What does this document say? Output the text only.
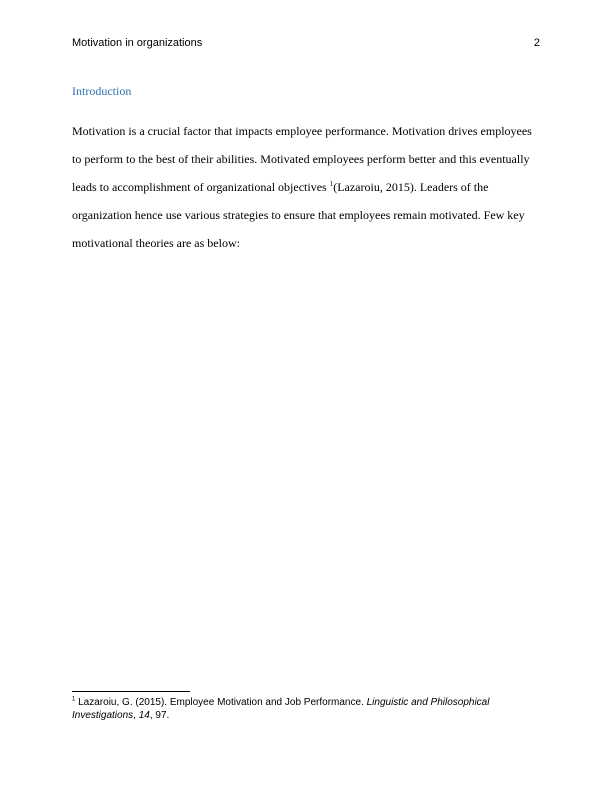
Motivation in organizations	2
Introduction
Motivation is a crucial factor that impacts employee performance. Motivation drives employees
to perform to the best of their abilities. Motivated employees perform better and this eventually
leads to accomplishment of organizational objectives $^1$(Lazaroiu, 2015). Leaders of the
organization hence use various strategies to ensure that employees remain motivated. Few key
motivational theories are as below:
$^1$ Lazaroiu, G. (2015). Employee Motivation and Job Performance. Linguistic and Philosophical
Investigations, 14, 97.
